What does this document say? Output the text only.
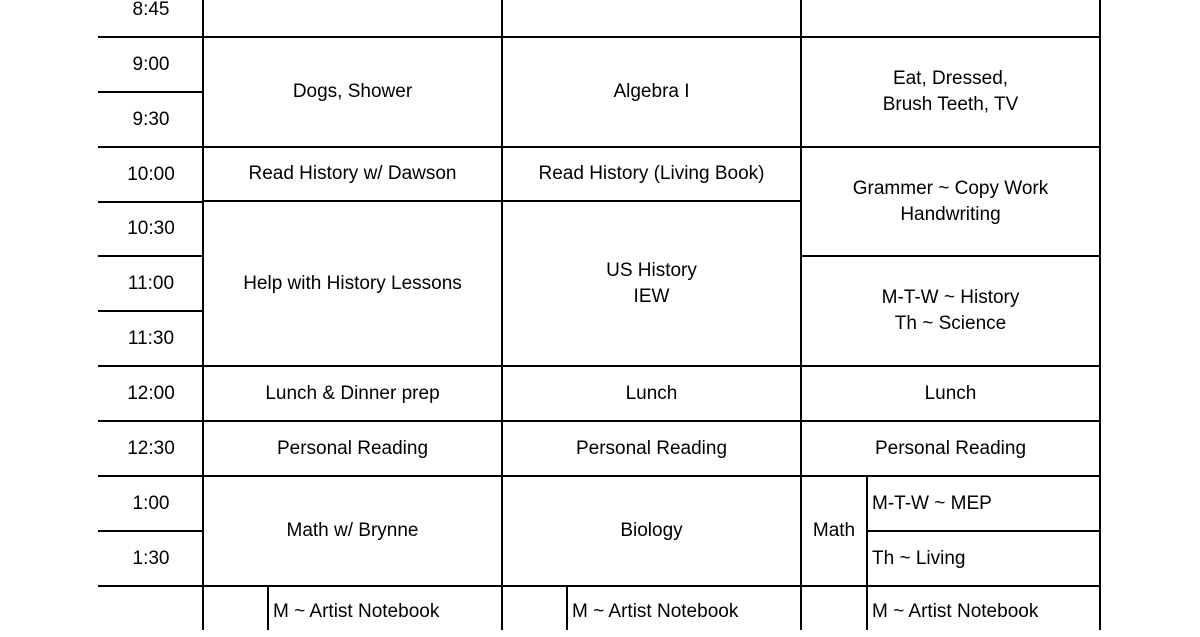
8:45
9:00
9:30
10:00
10:30
11:00
11:30
12:00
12:30
1:00
1:30
Dogs, Shower
Read History w/ Dawson
Help with History Lessons
Lunch & Dinner prep
Personal Reading
Math w/ Brynne
M ~ Artist Notebook
Algebra I
Read History (Living Book)
US History
IEW
Lunch
Personal Reading
Biology
M ~ Artist Notebook
Eat, Dressed,
Brush Teeth, TV
Grammer ~ Copy Work
Handwriting
M-T-W ~ History
Th ~ Science
Lunch
Personal Reading
Math
M-T-W ~ MEP
Th ~ Living
M ~ Artist Notebook
